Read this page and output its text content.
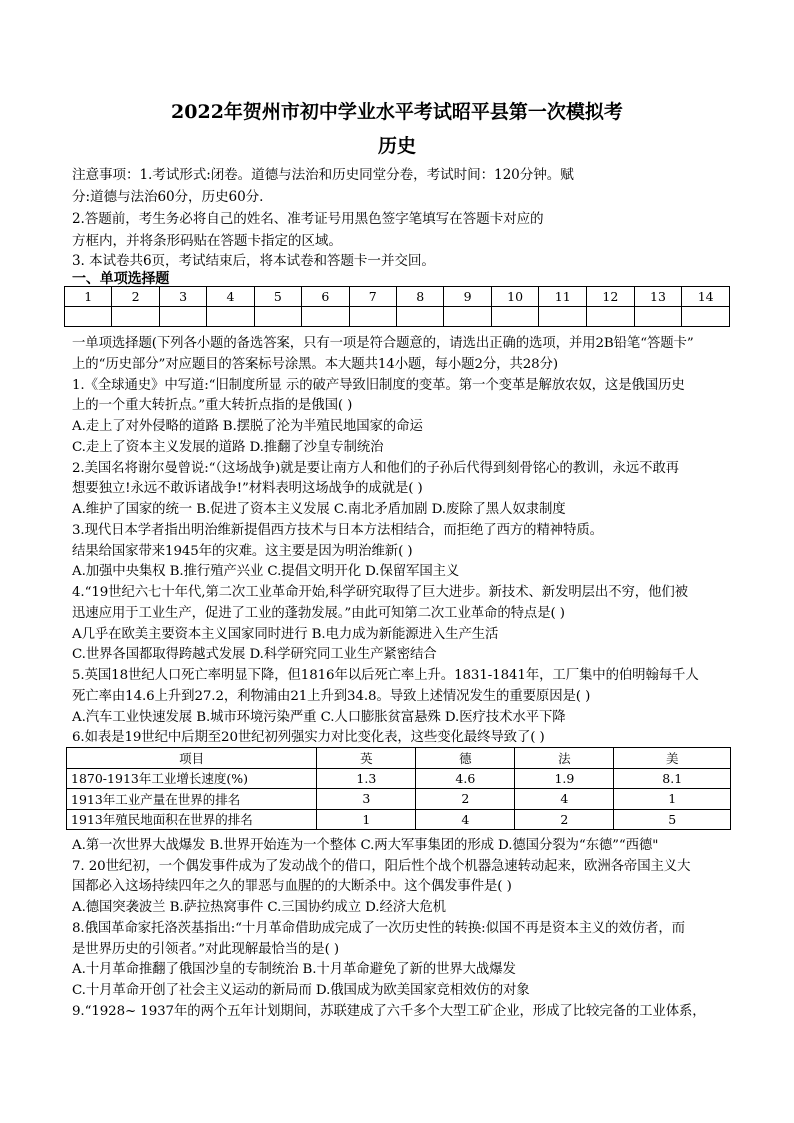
2022年贺州市初中学业水平考试昭平县第一次模拟考
历史
注意事项：1.考试形式:闭卷。道德与法治和历史同堂分卷，考试时间：120分钟。赋
分:道德与法治60分，历史60分.
2.答题前，考生务必将自己的姓名、准考证号用黑色签字笔填写在答题卡对应的
方框内，并将条形码贴在答题卡指定的区域。
3. 本试卷共6页，考试结束后，将本试卷和答题卡一并交回。
一、单项选择题
1	2	3	4	5	6	7	8	9	10	11	12	13	14

一单项选择题(下列各小题的备选答案，只有一项是符合题意的，请选出正确的选项，并用2B铅笔“答题卡”
上的“历史部分”对应题目的答案标号涂黑。本大题共14小题，每小题2分，共28分)
1.《全球通史》中写道:“旧制度所显 示的破产导致旧制度的变革。第一个变革是解放农奴，这是俄国历史
上的一个重大转折点。”重大转折点指的是俄国( )
A.走上了对外侵略的道路 B.摆脱了沦为半殖民地国家的命运
C.走上了资本主义发展的道路 D.推翻了沙皇专制统治
2.美国名将谢尔曼曾说:“（这场战争)就是要让南方人和他们的子孙后代得到刻骨铭心的教训，永远不敢再
想要独立!永远不敢诉诸战争!”材料表明这场战争的成就是( )
A.维护了国家的统一 B.促进了资本主义发展 C.南北矛盾加剧 D.废除了黑人奴隶制度
3.现代日本学者指出明治维新提倡西方技术与日本方法相结合，而拒绝了西方的精神特质。
结果给国家带来1945年的灾难。这主要是因为明治维新( )
A.加强中央集权 B.推行殖产兴业 C.提倡文明开化 D.保留军国主义
4.“19世纪六七十年代,第二次工业革命开始,科学研究取得了巨大进步。新技术、新发明层出不穷，他们被
迅速应用于工业生产，促进了工业的蓬勃发展。”由此可知第二次工业革命的特点是( )
A几乎在欧美主要资本主义国家同时进行 B.电力成为新能源进入生产生活
C.世界各国都取得跨越式发展 D.科学研究同工业生产紧密结合
5.英国18世纪人口死亡率明显下降，但1816年以后死亡率上升。1831-1841年，工厂集中的伯明翰每千人
死亡率由14.6上升到27.2，利物浦由21上升到34.8。导致上述情况发生的重要原因是( )
A.汽车工业快速发展 B.城市环境污染严重 C.人口膨胀贫富悬殊 D.医疗技术水平下降
6.如表是19世纪中后期至20世纪初列强实力对比变化表，这些变化最终导致了( )
项目	英	德	法	美
1870-1913年工业增长速度(%)	1.3	4.6	1.9	8.1
1913年工业产量在世界的排名	3	2	4	1
1913年殖民地面积在世界的排名	1	4	2	5
A.第一次世界大战爆发 B.世界开始连为一个整体 C.两大军事集团的形成 D.德国分裂为“东德”“西德"
7. 20世纪初，一个偶发事件成为了发动战个的借口，阳后性个战个机器急速转动起来，欧洲各帝国主义大
国都必入这场持续四年之久的罪恶与血腥的的大断杀中。这个偶发事件是( )
A.德国突袭波兰 B.萨拉热窝事件 C.三国协约成立 D.经济大危机
8.俄国革命家托洛茨基指出:“十月革命借助成完成了一次历史性的转换:似国不再是资本主义的效仿者，而
是世界历史的引领者。”对此现解最恰当的是( )
A.十月革命推翻了俄国沙皇的专制统治 B.十月革命避免了新的世界大战爆发
C.十月革命开创了社会主义运动的新局而 D.俄国成为欧美国家竞相效仿的对象
9.“1928~ 1937年的两个五年计划期间，苏联建成了六千多个大型工矿企业，形成了比较完备的工业体系，
